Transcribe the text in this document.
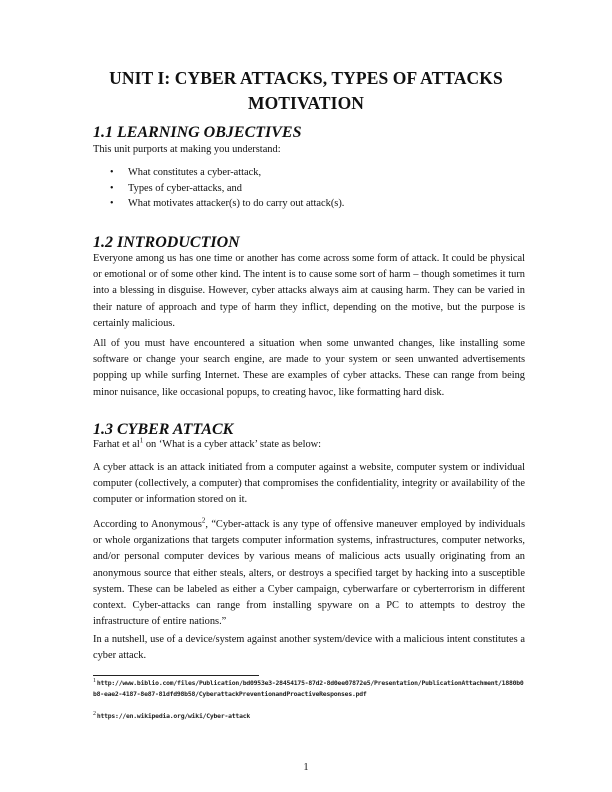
UNIT I: CYBER ATTACKS, TYPES OF ATTACKS
MOTIVATION
1.1 LEARNING OBJECTIVES

This unit purports at making you understand:

• What constitutes a cyber-attack,
• Types of cyber-attacks, and
• What motivates attacker(s) to do carry out attack(s).
1.2 INTRODUCTION

Everyone among us has one time or another has come across some form of attack. It could be physical or emotional or of some other kind. The intent is to cause some sort of harm – though sometimes it turn into a blessing in disguise. However, cyber attacks always aim at causing harm. They can be varied in their nature of approach and type of harm they inflict, depending on the motive, but the purpose is certainly malicious.

All of you must have encountered a situation when some unwanted changes, like installing some software or change your search engine, are made to your system or seen unwanted advertisements popping up while surfing Internet. These are examples of cyber attacks. These can range from being minor nuisance, like occasional popups, to creating havoc, like formatting hard disk.

1.3 CYBER ATTACK

Farhat et $al^1$ on ‘What is a cyber attack’ state as below:

A cyber attack is an attack initiated from a computer against a website, computer system or individual computer (collectively, a computer) that compromises the confidentiality, integrity or availability of the computer or information stored on it.

According to Anonymous$^2$, “Cyber-attack is any type of offensive maneuver employed by individuals or whole organizations that targets computer information systems, infrastructures, computer networks, and/or personal computer devices by various means of malicious acts usually originating from an anonymous source that either steals, alters, or destroys a specified target by hacking into a susceptible system. These can be labeled as either a Cyber campaign, cyberwarfare or cyberterrorism in different context. Cyber-attacks can range from installing spyware on a PC to attempts to destroy the infrastructure of entire nations.”

In a nutshell, use of a device/system against another system/device with a malicious intent constitutes a cyber attack.

1http://www.biblio.com/files/Publication/bd0953e3-28454175-87d2-8d0ee07872e5/Presentation/PublicationAttachment/1880b0b8-eae2-4187-8e87-81dfd98b58/CyberattackPreventionandProactiveResponses.pdf

2https://en.wikipedia.org/wiki/Cyber-attack

1
